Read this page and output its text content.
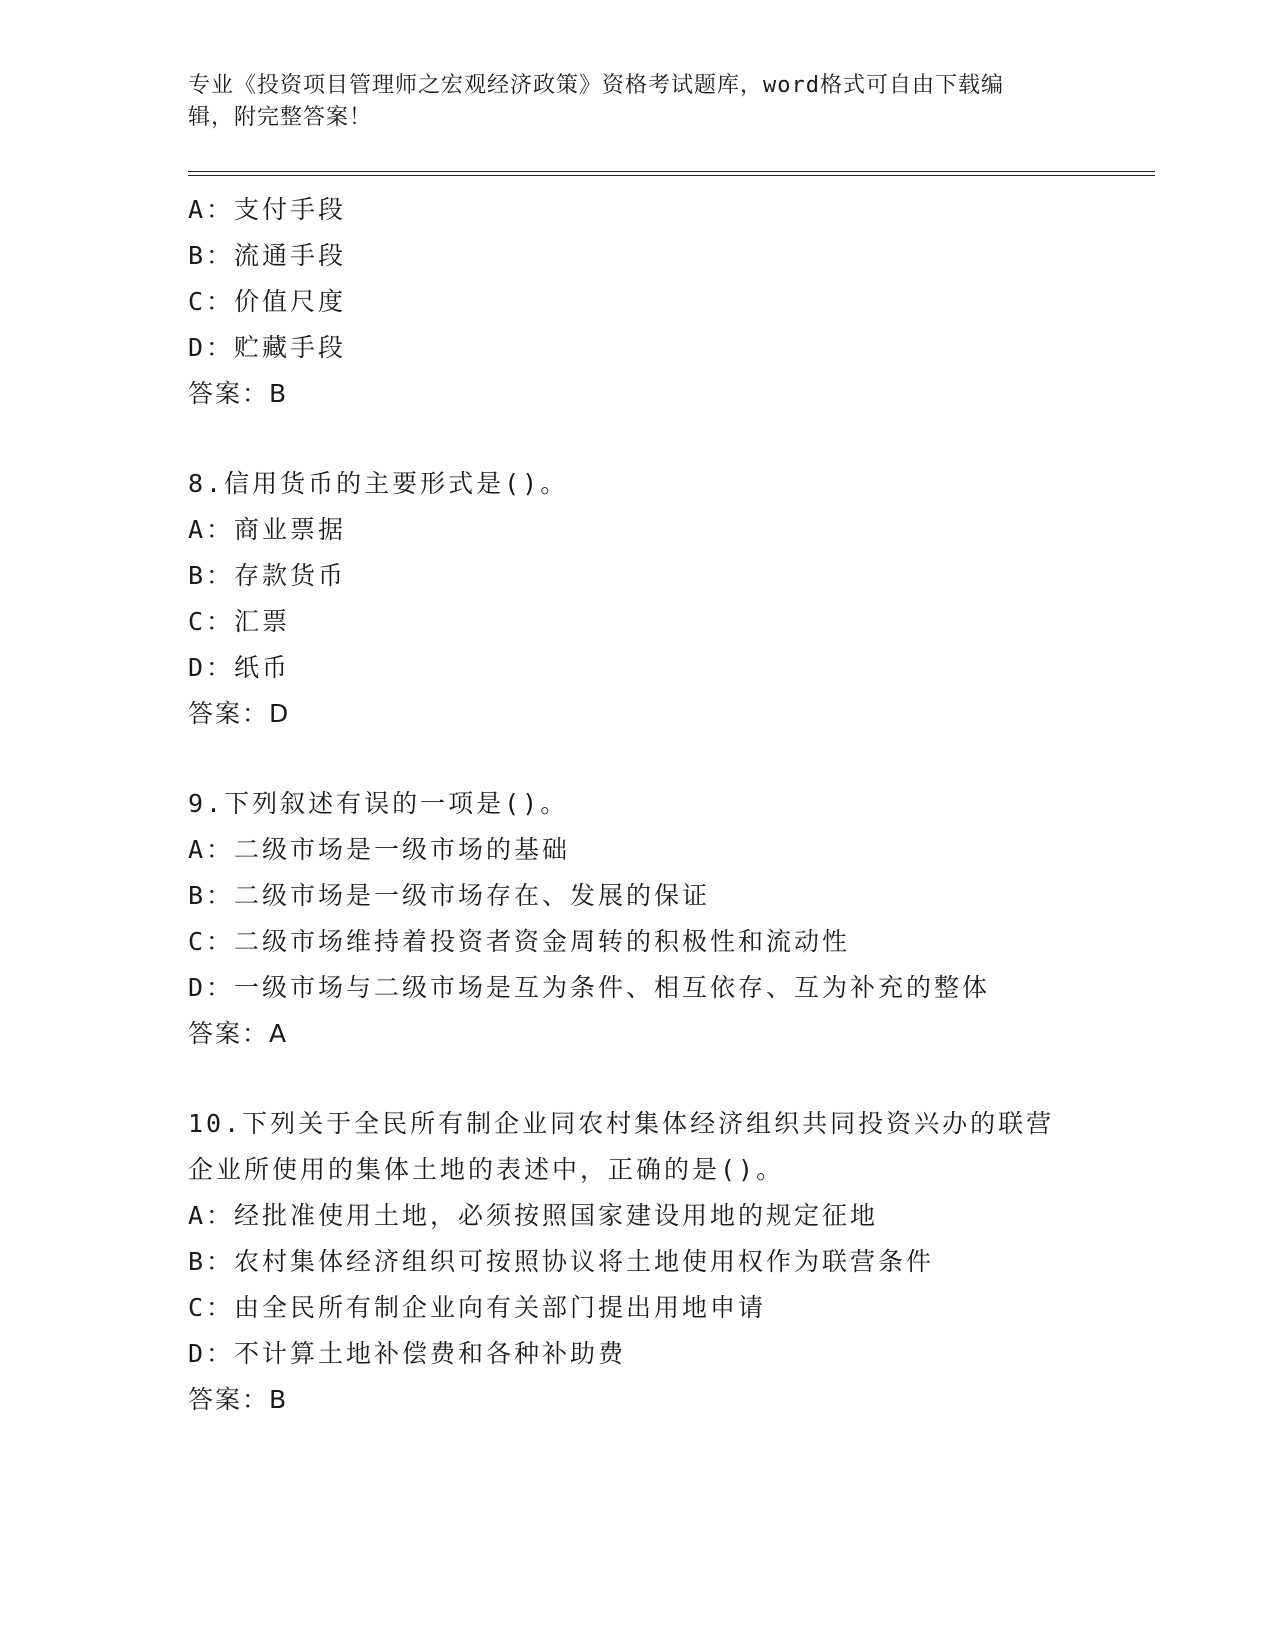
专业《投资项目管理师之宏观经济政策》资格考试题库，word格式可自由下载编
辑，附完整答案！
A：支付手段
B：流通手段
C：价值尺度
D：贮藏手段
答案：B
8.信用货币的主要形式是()。
A：商业票据
B：存款货币
C：汇票
D：纸币
答案：D
9.下列叙述有误的一项是()。
A：二级市场是一级市场的基础
B：二级市场是一级市场存在、发展的保证
C：二级市场维持着投资者资金周转的积极性和流动性
D：一级市场与二级市场是互为条件、相互依存、互为补充的整体
答案：A
10.下列关于全民所有制企业同农村集体经济组织共同投资兴办的联营
企业所使用的集体土地的表述中，正确的是()。
A：经批准使用土地，必须按照国家建设用地的规定征地
B：农村集体经济组织可按照协议将土地使用权作为联营条件
C：由全民所有制企业向有关部门提出用地申请
D：不计算土地补偿费和各种补助费
答案：B
